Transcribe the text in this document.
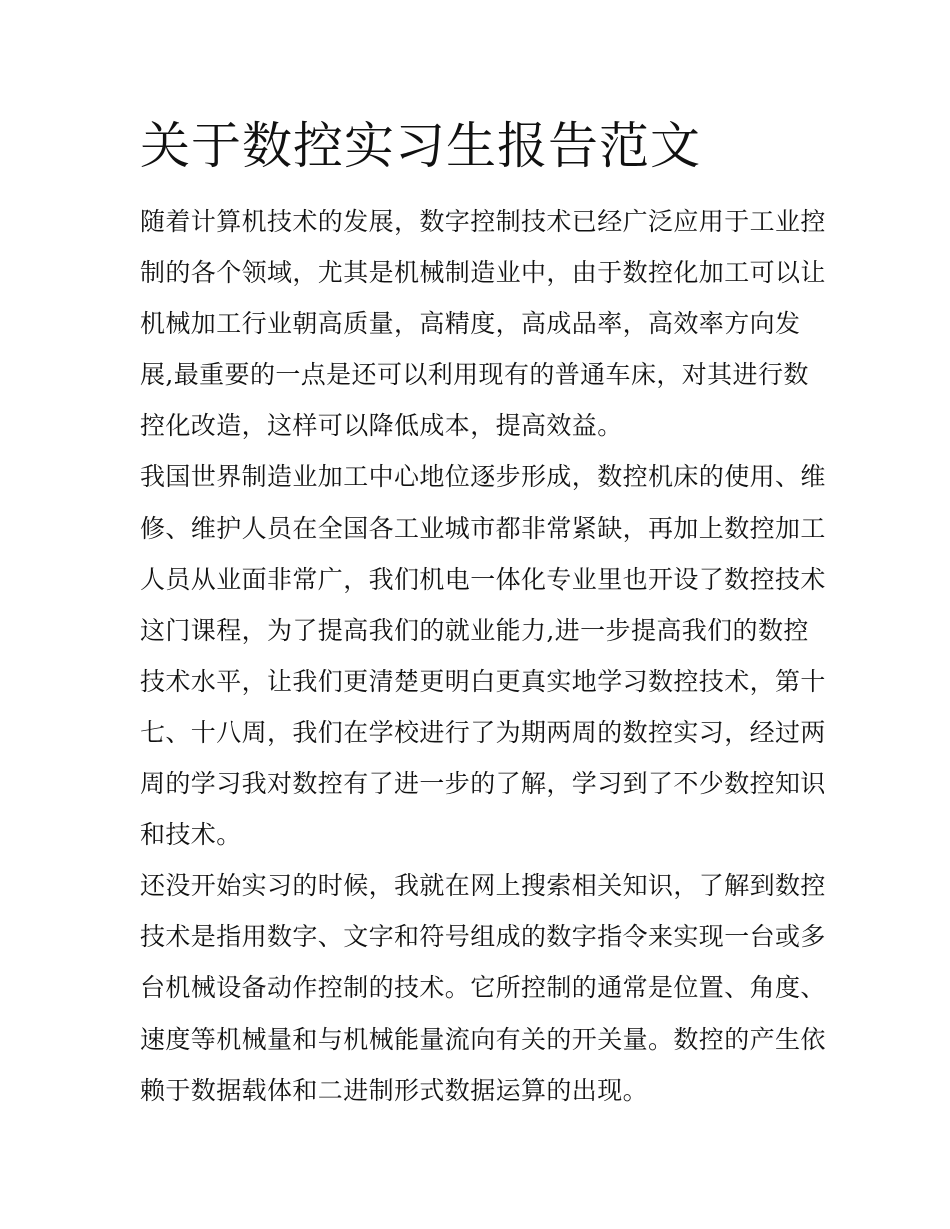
关于数控实习生报告范文
随着计算机技术的发展，数字控制技术已经广泛应用于工业控
制的各个领域，尤其是机械制造业中，由于数控化加工可以让
机械加工行业朝高质量，高精度，高成品率，高效率方向发
展,最重要的一点是还可以利用现有的普通车床，对其进行数
控化改造，这样可以降低成本，提高效益。
我国世界制造业加工中心地位逐步形成，数控机床的使用、维
修、维护人员在全国各工业城市都非常紧缺，再加上数控加工
人员从业面非常广，我们机电一体化专业里也开设了数控技术
这门课程，为了提高我们的就业能力,进一步提高我们的数控
技术水平，让我们更清楚更明白更真实地学习数控技术，第十
七、十八周，我们在学校进行了为期两周的数控实习，经过两
周的学习我对数控有了进一步的了解，学习到了不少数控知识
和技术。
还没开始实习的时候，我就在网上搜索相关知识，了解到数控
技术是指用数字、文字和符号组成的数字指令来实现一台或多
台机械设备动作控制的技术。它所控制的通常是位置、角度、
速度等机械量和与机械能量流向有关的开关量。数控的产生依
赖于数据载体和二进制形式数据运算的出现。
